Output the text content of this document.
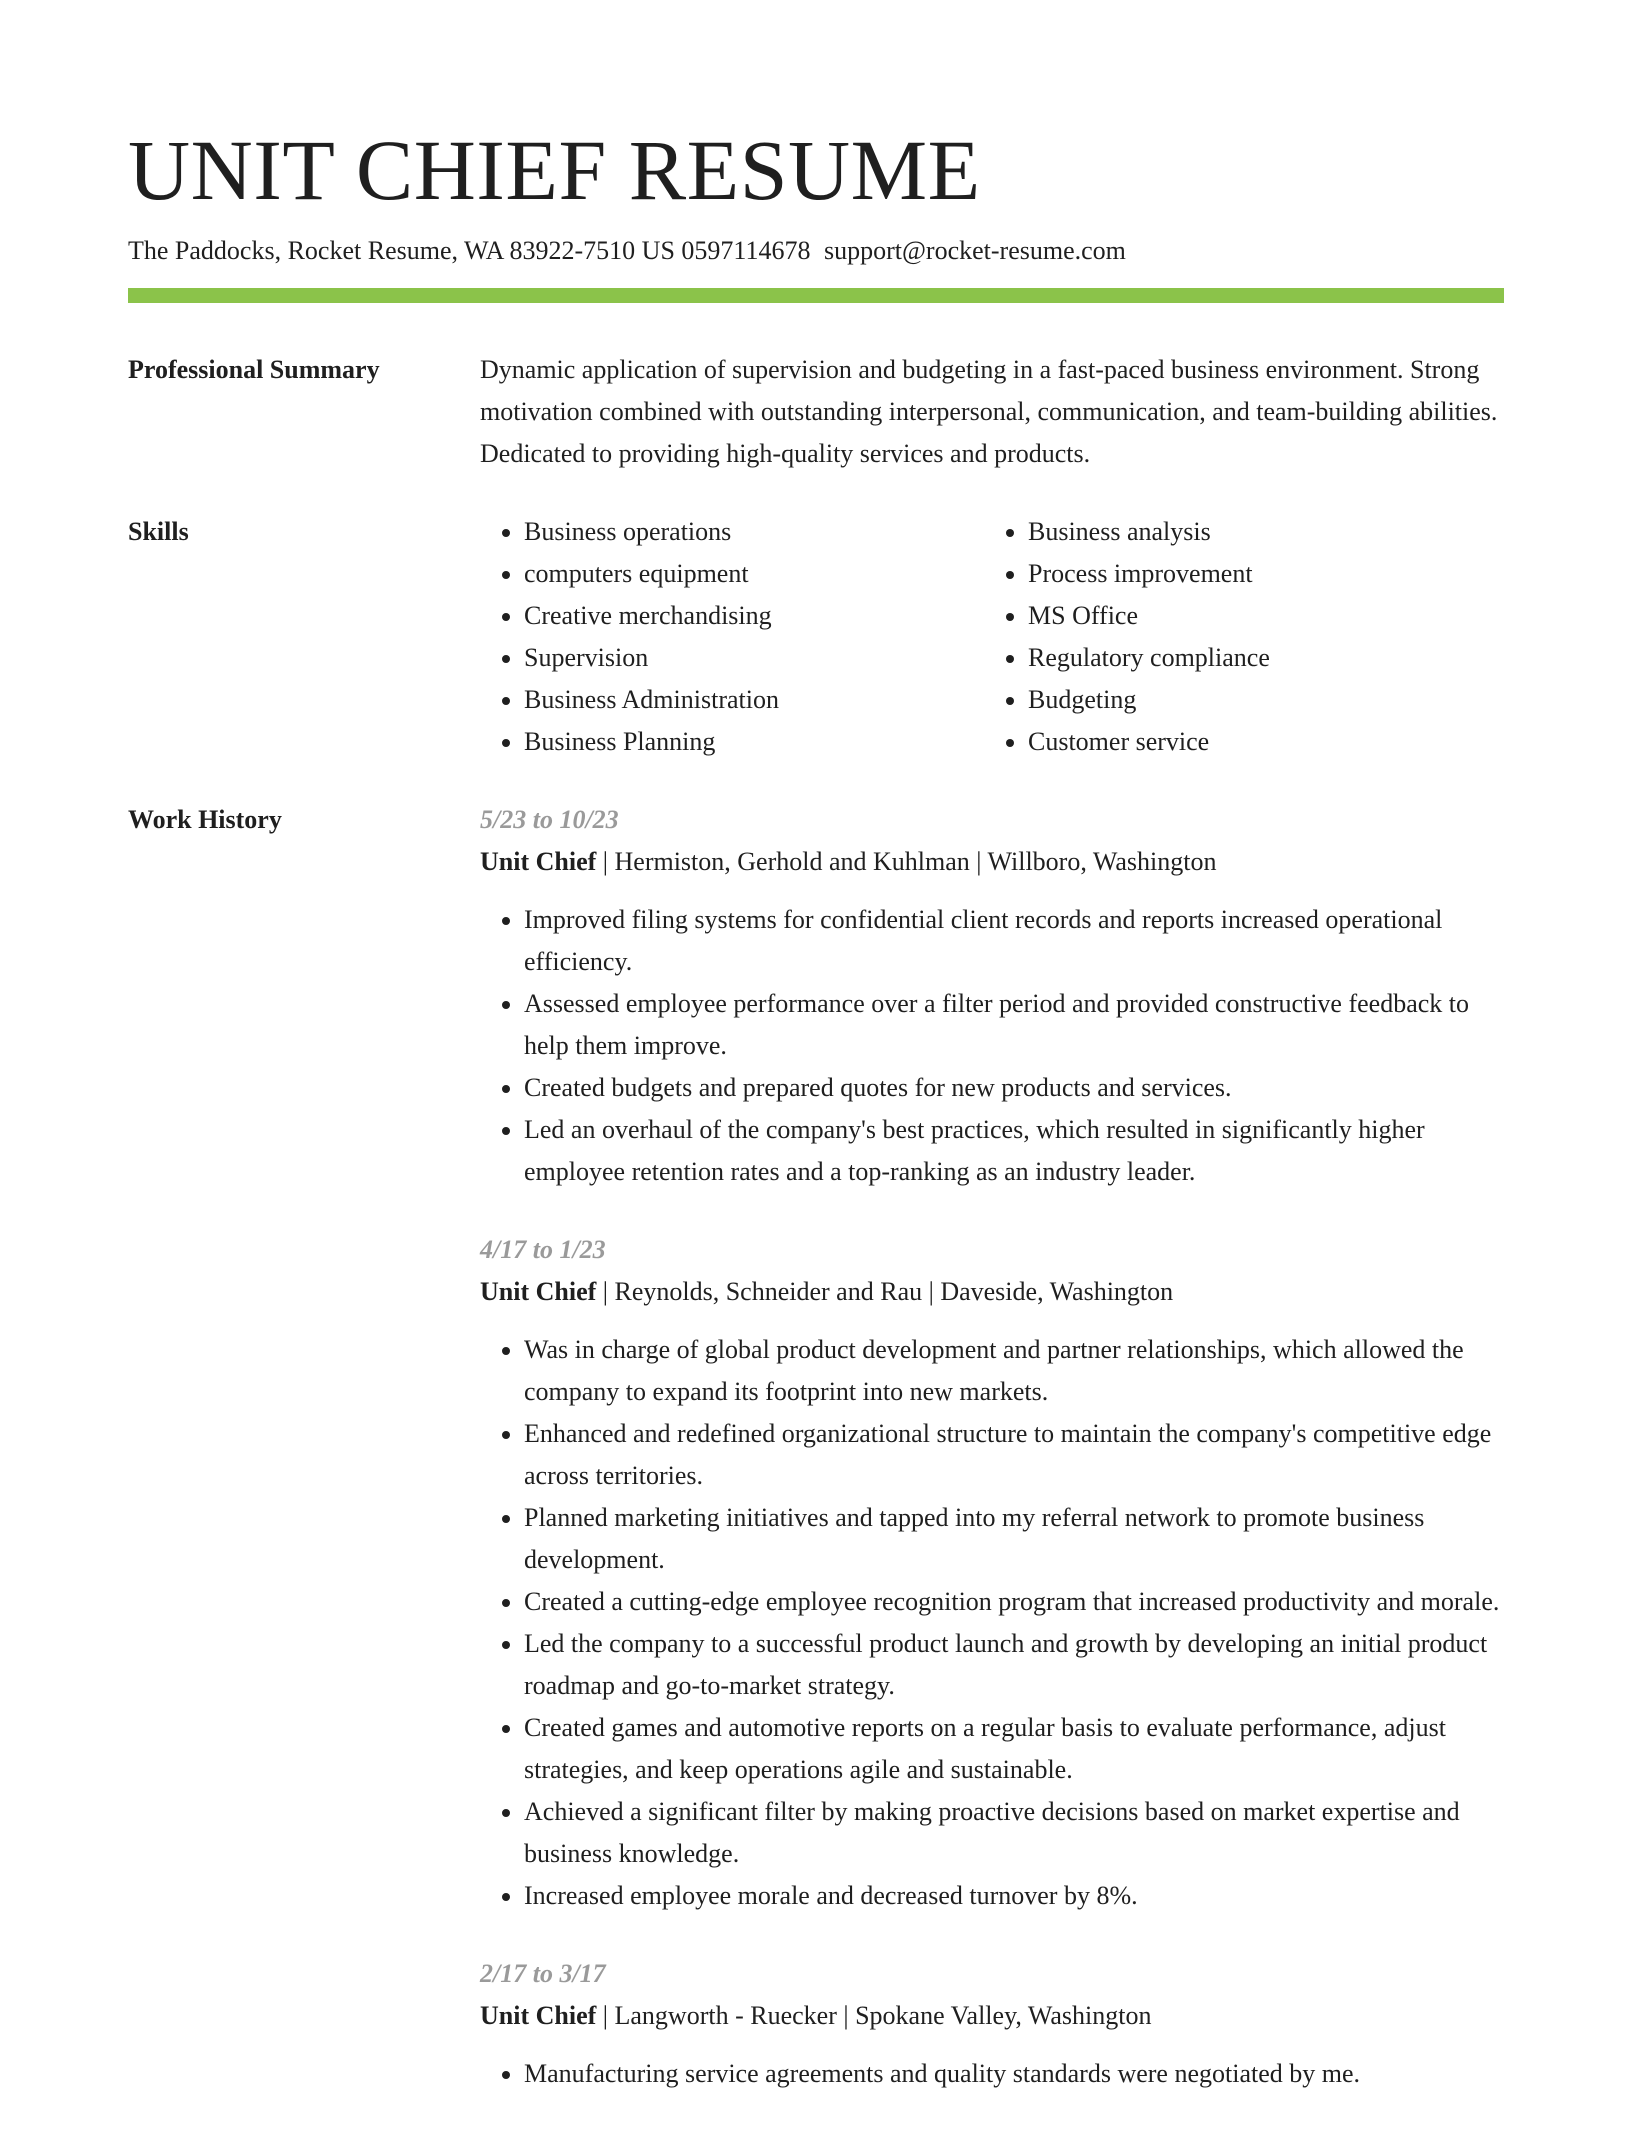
UNIT CHIEF RESUME
The Paddocks, Rocket Resume, WA 83922-7510 US 0597114678 support@rocket-resume.com
Professional Summary	Dynamic application of supervision and budgeting in a fast-paced business environment. Strong motivation combined with outstanding interpersonal, communication, and team-building abilities. Dedicated to providing high-quality services and products.

Skills
•	Business operations
• computers equipment
• Creative merchandising
• Supervision
• Business Administration
• Business Planning
• Business analysis
• Process improvement
• MS Office
• Regulatory compliance
• Budgeting
• Customer service
Work History	5/23 to 10/23
Unit Chief | Hermiston, Gerhold and Kuhlman | Willboro, Washington
• Improved filing systems for confidential client records and reports increased operational efficiency.
• Assessed employee performance over a filter period and provided constructive feedback to help them improve.
• Created budgets and prepared quotes for new products and services.
• Led an overhaul of the company's best practices, which resulted in significantly higher employee retention rates and a top-ranking as an industry leader.
4/17 to 1/23
Unit Chief | Reynolds, Schneider and Rau | Daveside, Washington
• Was in charge of global product development and partner relationships, which allowed the company to expand its footprint into new markets.
• Enhanced and redefined organizational structure to maintain the company's competitive edge across territories.
• Planned marketing initiatives and tapped into my referral network to promote business development.
• Created a cutting-edge employee recognition program that increased productivity and morale.
• Led the company to a successful product launch and growth by developing an initial product roadmap and go-to-market strategy.
• Created games and automotive reports on a regular basis to evaluate performance, adjust strategies, and keep operations agile and sustainable.
• Achieved a significant filter by making proactive decisions based on market expertise and business knowledge.
• Increased employee morale and decreased turnover by 8%.
2/17 to 3/17
Unit Chief | Langworth - Ruecker | Spokane Valley, Washington
• Manufacturing service agreements and quality standards were negotiated by me.
